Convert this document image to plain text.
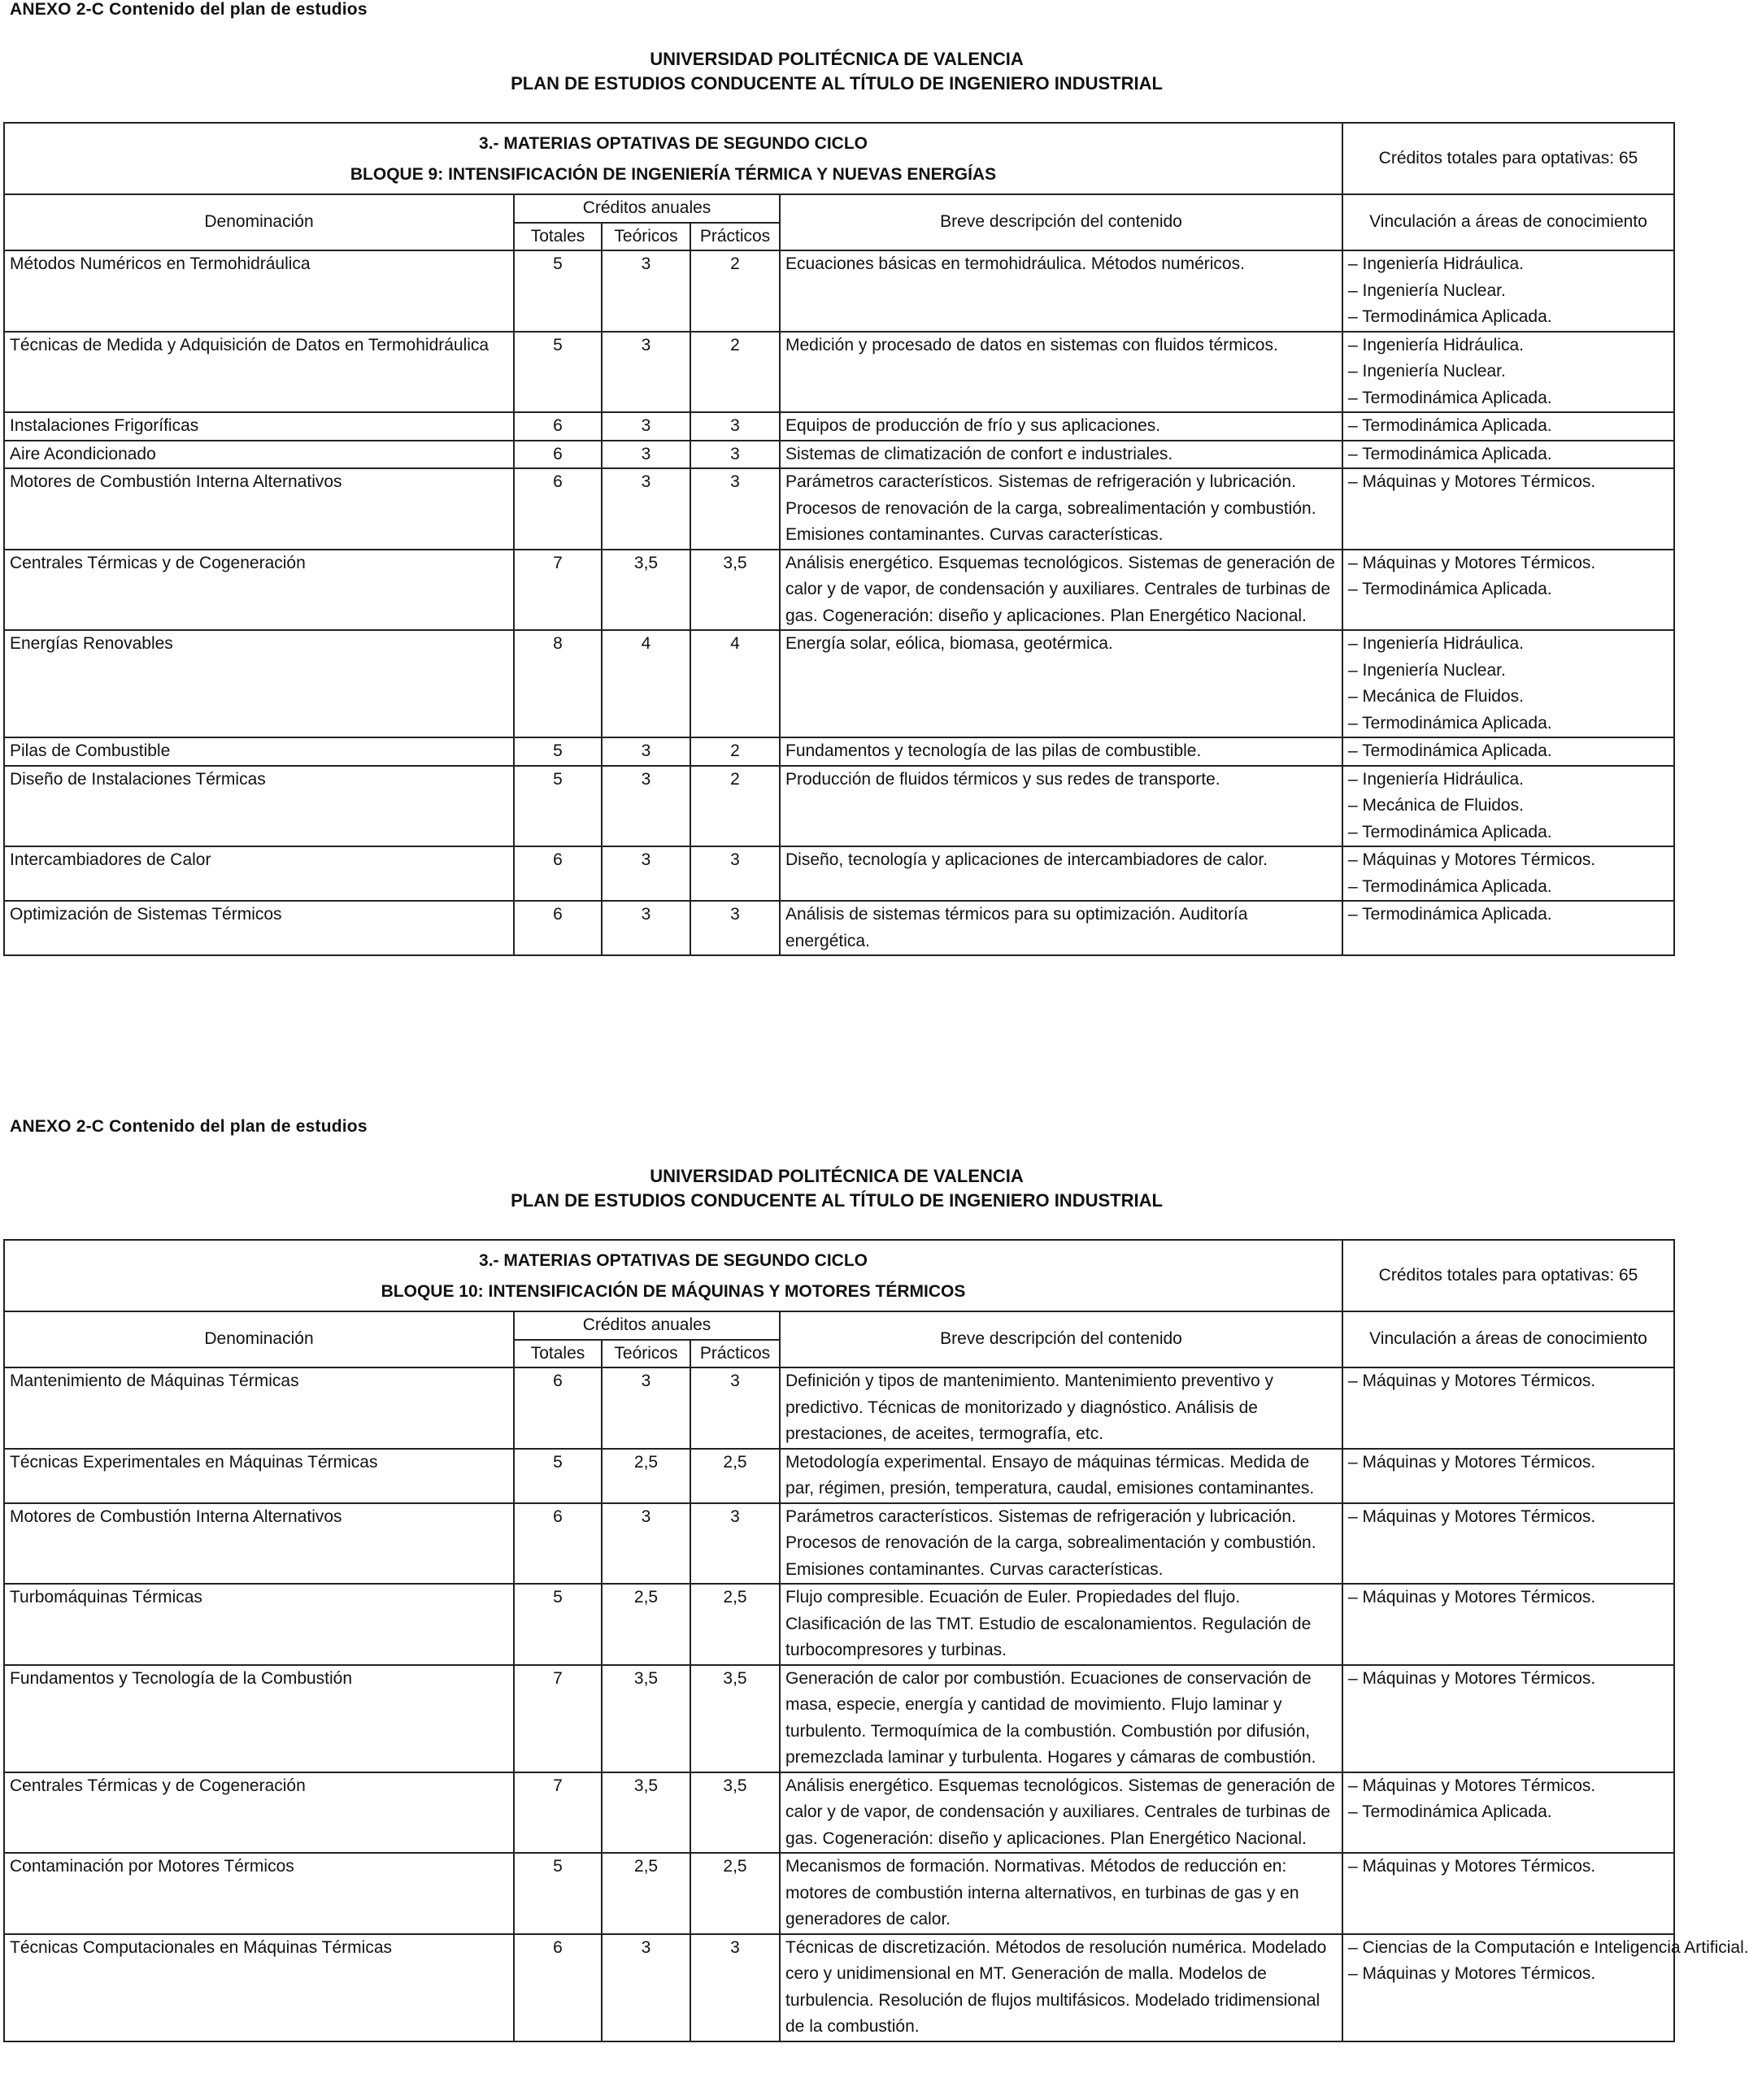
ANEXO 2-C Contenido del plan de estudios
UNIVERSIDAD POLITÉCNICA DE VALENCIA
PLAN DE ESTUDIOS CONDUCENTE AL TÍTULO DE INGENIERO INDUSTRIAL
3.- MATERIAS OPTATIVAS DE SEGUNDO CICLO
BLOQUE 9: INTENSIFICACIÓN DE INGENIERÍA TÉRMICA Y NUEVAS ENERGÍAS					Créditos totales para optativas: 65
Denominación	Créditos anuales			Breve descripción del contenido	Vinculación a áreas de conocimiento
	Totales	Teóricos	Prácticos		
Métodos Numéricos en Termohidráulica	5	3	2	Ecuaciones básicas en termohidráulica. Métodos numéricos.	– Ingeniería Hidráulica.
– Ingeniería Nuclear.
– Termodinámica Aplicada.

Técnicas de Medida y Adquisición de Datos en Termohidráulica	5	3	2	Medición y procesado de datos en sistemas con fluidos térmicos.	– Ingeniería Hidráulica.
– Ingeniería Nuclear.
– Termodinámica Aplicada.

Instalaciones Frigoríficas	6	3	3	Equipos de producción de frío y sus aplicaciones.	– Termodinámica Aplicada.

Aire Acondicionado	6	3	3	Sistemas de climatización de confort e industriales.	– Termodinámica Aplicada.

Motores de Combustión Interna Alternativos	6	3	3	Parámetros característicos. Sistemas de refrigeración y lubricación. Procesos de renovación de la carga, sobrealimentación y combustión. Emisiones contaminantes. Curvas características.	– Máquinas y Motores Térmicos.

Centrales Térmicas y de Cogeneración	7	3,5	3,5	Análisis energético. Esquemas tecnológicos. Sistemas de generación de calor y de vapor, de condensación y auxiliares. Centrales de turbinas de gas. Cogeneración: diseño y aplicaciones. Plan Energético Nacional.	– Máquinas y Motores Térmicos.
– Termodinámica Aplicada.

Energías Renovables	8	4	4	Energía solar, eólica, biomasa, geotérmica.	– Ingeniería Hidráulica.
– Ingeniería Nuclear.
– Mecánica de Fluidos.
– Termodinámica Aplicada.

Pilas de Combustible	5	3	2	Fundamentos y tecnología de las pilas de combustible.	– Termodinámica Aplicada.

Diseño de Instalaciones Térmicas	5	3	2	Producción de fluidos térmicos y sus redes de transporte.	– Ingeniería Hidráulica.
– Mecánica de Fluidos.
– Termodinámica Aplicada.

Intercambiadores de Calor	6	3	3	Diseño, tecnología y aplicaciones de intercambiadores de calor.	– Máquinas y Motores Térmicos.
– Termodinámica Aplicada.

Optimización de Sistemas Térmicos	6	3	3	Análisis de sistemas térmicos para su optimización. Auditoría energética.	– Termodinámica Aplicada.
ANEXO 2-C Contenido del plan de estudios
UNIVERSIDAD POLITÉCNICA DE VALENCIA
PLAN DE ESTUDIOS CONDUCENTE AL TÍTULO DE INGENIERO INDUSTRIAL
3.- MATERIAS OPTATIVAS DE SEGUNDO CICLO
BLOQUE 10: INTENSIFICACIÓN DE MÁQUINAS Y MOTORES TÉRMICOS					Créditos totales para optativas: 65
Denominación	Créditos anuales			Breve descripción del contenido	Vinculación a áreas de conocimiento
	Totales	Teóricos	Prácticos		
Mantenimiento de Máquinas Térmicas	6	3	3	Definición y tipos de mantenimiento. Mantenimiento preventivo y predictivo. Técnicas de monitorizado y diagnóstico. Análisis de prestaciones, de aceites, termografía, etc.	– Máquinas y Motores Térmicos.

Técnicas Experimentales en Máquinas Térmicas	5	2,5	2,5	Metodología experimental. Ensayo de máquinas térmicas. Medida de par, régimen, presión, temperatura, caudal, emisiones contaminantes.	– Máquinas y Motores Térmicos.

Motores de Combustión Interna Alternativos	6	3	3	Parámetros característicos. Sistemas de refrigeración y lubricación. Procesos de renovación de la carga, sobrealimentación y combustión. Emisiones contaminantes. Curvas características.	– Máquinas y Motores Térmicos.

Turbomáquinas Térmicas	5	2,5	2,5	Flujo compresible. Ecuación de Euler. Propiedades del flujo. Clasificación de las TMT. Estudio de escalonamientos. Regulación de turbocompresores y turbinas.	– Máquinas y Motores Térmicos.

Fundamentos y Tecnología de la Combustión	7	3,5	3,5	Generación de calor por combustión. Ecuaciones de conservación de masa, especie, energía y cantidad de movimiento. Flujo laminar y turbulento. Termoquímica de la combustión. Combustión por difusión, premezclada laminar y turbulenta. Hogares y cámaras de combustión.	– Máquinas y Motores Térmicos.

Centrales Térmicas y de Cogeneración	7	3,5	3,5	Análisis energético. Esquemas tecnológicos. Sistemas de generación de calor y de vapor, de condensación y auxiliares. Centrales de turbinas de gas. Cogeneración: diseño y aplicaciones. Plan Energético Nacional.	– Máquinas y Motores Térmicos.
– Termodinámica Aplicada.

Contaminación por Motores Térmicos	5	2,5	2,5	Mecanismos de formación. Normativas. Métodos de reducción en: motores de combustión interna alternativos, en turbinas de gas y en generadores de calor.	– Máquinas y Motores Térmicos.

Técnicas Computacionales en Máquinas Térmicas	6	3	3	Técnicas de discretización. Métodos de resolución numérica. Modelado cero y unidimensional en MT. Generación de malla. Modelos de turbulencia. Resolución de flujos multifásicos. Modelado tridimensional de la combustión.	– Ciencias de la Computación e Inteligencia Artificial.
– Máquinas y Motores Térmicos.
